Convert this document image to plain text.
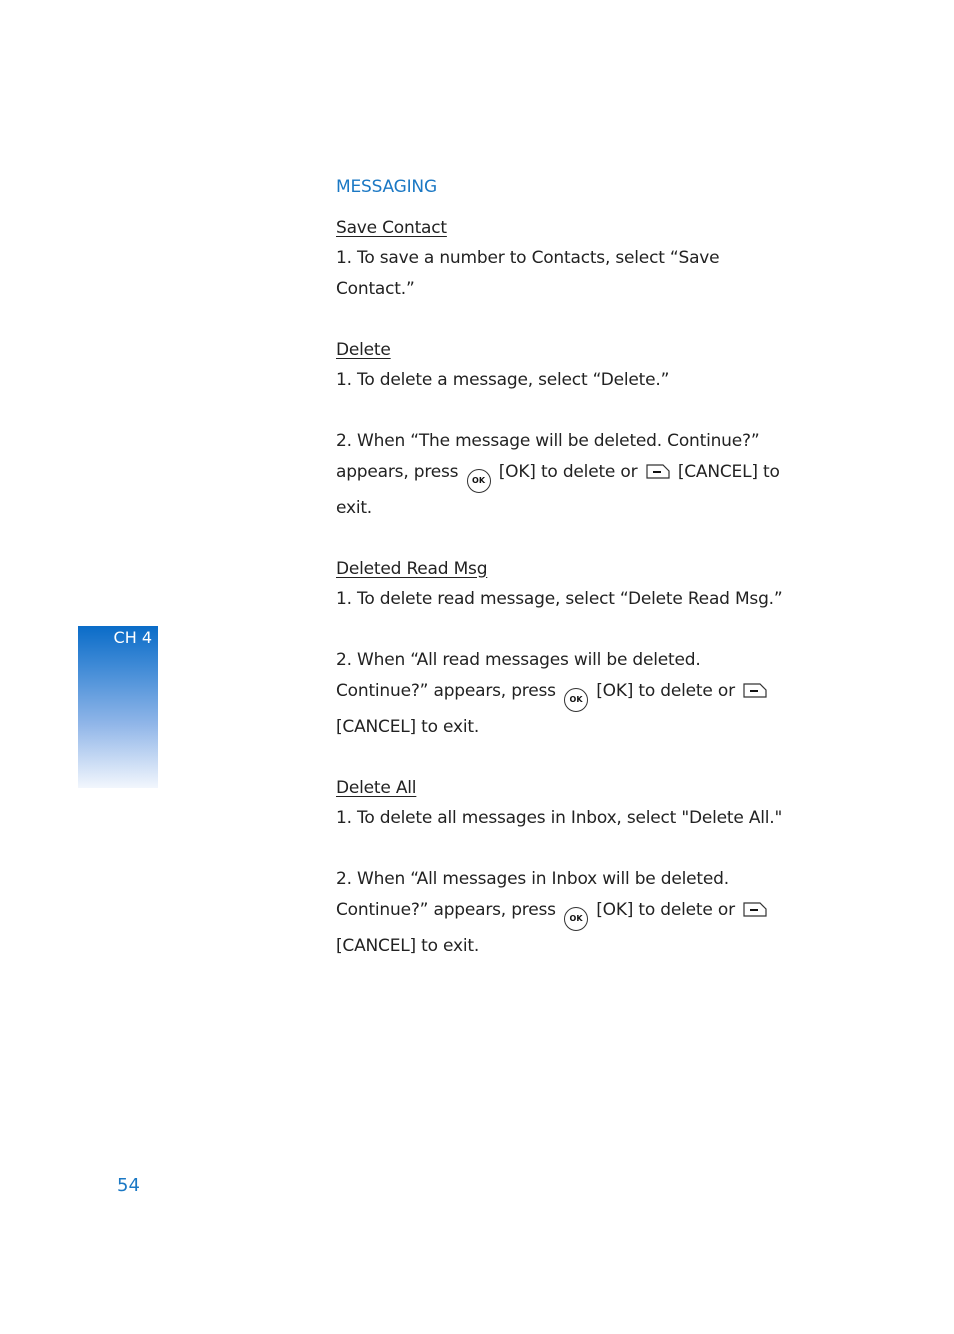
CH 4
MESSAGING
Save Contact
1. To save a number to Contacts, select “Save Contact.”
Delete
1. To delete a message, select “Delete.”
2. When “The message will be deleted. Continue?” appears, press OK [OK] to delete or [CANCEL] to exit.
Deleted Read Msg
1. To delete read message, select “Delete Read Msg.”
2. When “All read messages will be deleted. Continue?” appears, press OK [OK] to delete or  [CANCEL] to exit.
Delete All
1. To delete all messages in Inbox, select "Delete All."
2. When “All messages in Inbox will be deleted. Continue?” appears, press OK [OK] to delete or  [CANCEL] to exit.
54
